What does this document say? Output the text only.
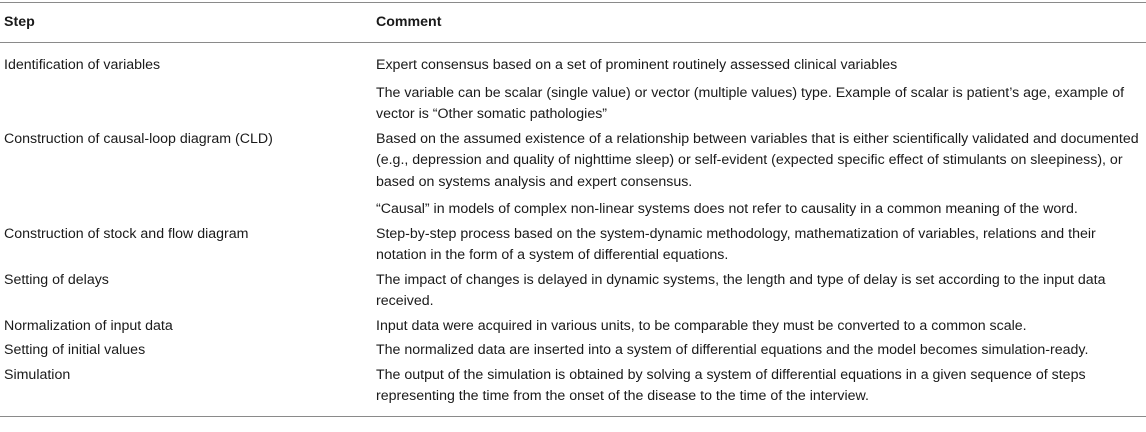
Step	Comment
Identification of variables	Expert consensus based on a set of prominent routinely assessed clinical variables

The variable can be scalar (single value) or vector (multiple values) type. Example of scalar is patient’s age, example of vector is “Other somatic pathologies”

Construction of causal-loop diagram (CLD)	Based on the assumed existence of a relationship between variables that is either scientifically validated and documented (e.g., depression and quality of nighttime sleep) or self-evident (expected specific effect of stimulants on sleepiness), or based on systems analysis and expert consensus.

“Causal” in models of complex non-linear systems does not refer to causality in a common meaning of the word.

Construction of stock and flow diagram	Step-by-step process based on the system-dynamic methodology, mathematization of variables, relations and their notation in the form of a system of differential equations.

Setting of delays	The impact of changes is delayed in dynamic systems, the length and type of delay is set according to the input data received.

Normalization of input data	Input data were acquired in various units, to be comparable they must be converted to a common scale.

Setting of initial values	The normalized data are inserted into a system of differential equations and the model becomes simulation-ready.

Simulation	The output of the simulation is obtained by solving a system of differential equations in a given sequence of steps representing the time from the onset of the disease to the time of the interview.
